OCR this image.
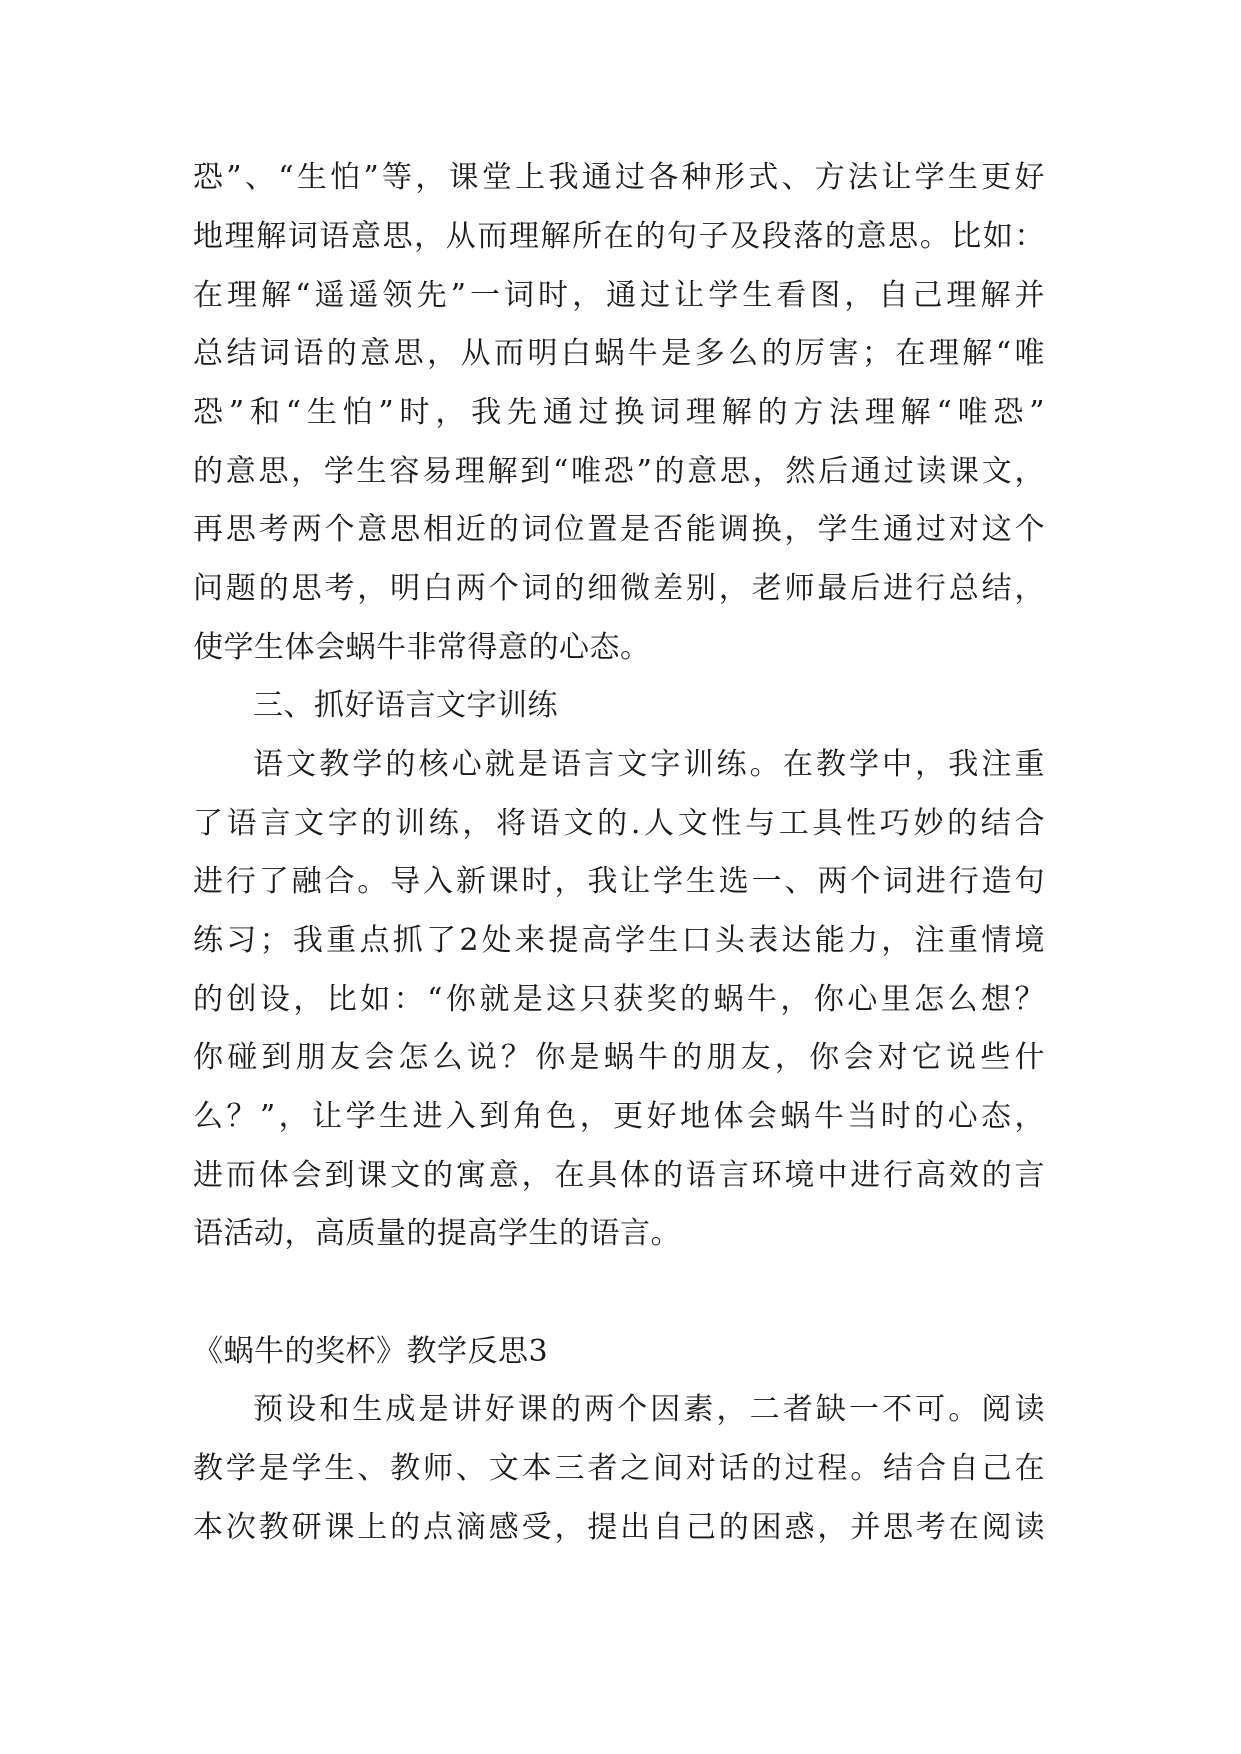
恐”、“生怕”等，课堂上我通过各种形式、方法让学生更好
地理解词语意思，从而理解所在的句子及段落的意思。比如：
在理解“遥遥领先”一词时，通过让学生看图，自己理解并
总结词语的意思，从而明白蜗牛是多么的厉害；在理解“唯
恐”和“生怕”时，我先通过换词理解的方法理解“唯恐”
的意思，学生容易理解到“唯恐”的意思，然后通过读课文，
再思考两个意思相近的词位置是否能调换，学生通过对这个
问题的思考，明白两个词的细微差别，老师最后进行总结，
使学生体会蜗牛非常得意的心态。
三、抓好语言文字训练
语文教学的核心就是语言文字训练。在教学中，我注重
了语言文字的训练，将语文的.人文性与工具性巧妙的结合
进行了融合。导入新课时，我让学生选一、两个词进行造句
练习；我重点抓了2处来提高学生口头表达能力，注重情境
的创设，比如：“你就是这只获奖的蜗牛，你心里怎么想？
你碰到朋友会怎么说？你是蜗牛的朋友，你会对它说些什
么？”，让学生进入到角色，更好地体会蜗牛当时的心态，
进而体会到课文的寓意，在具体的语言环境中进行高效的言
语活动，高质量的提高学生的语言。
《蜗牛的奖杯》教学反思3
预设和生成是讲好课的两个因素，二者缺一不可。阅读
教学是学生、教师、文本三者之间对话的过程。结合自己在
本次教研课上的点滴感受，提出自己的困惑，并思考在阅读
